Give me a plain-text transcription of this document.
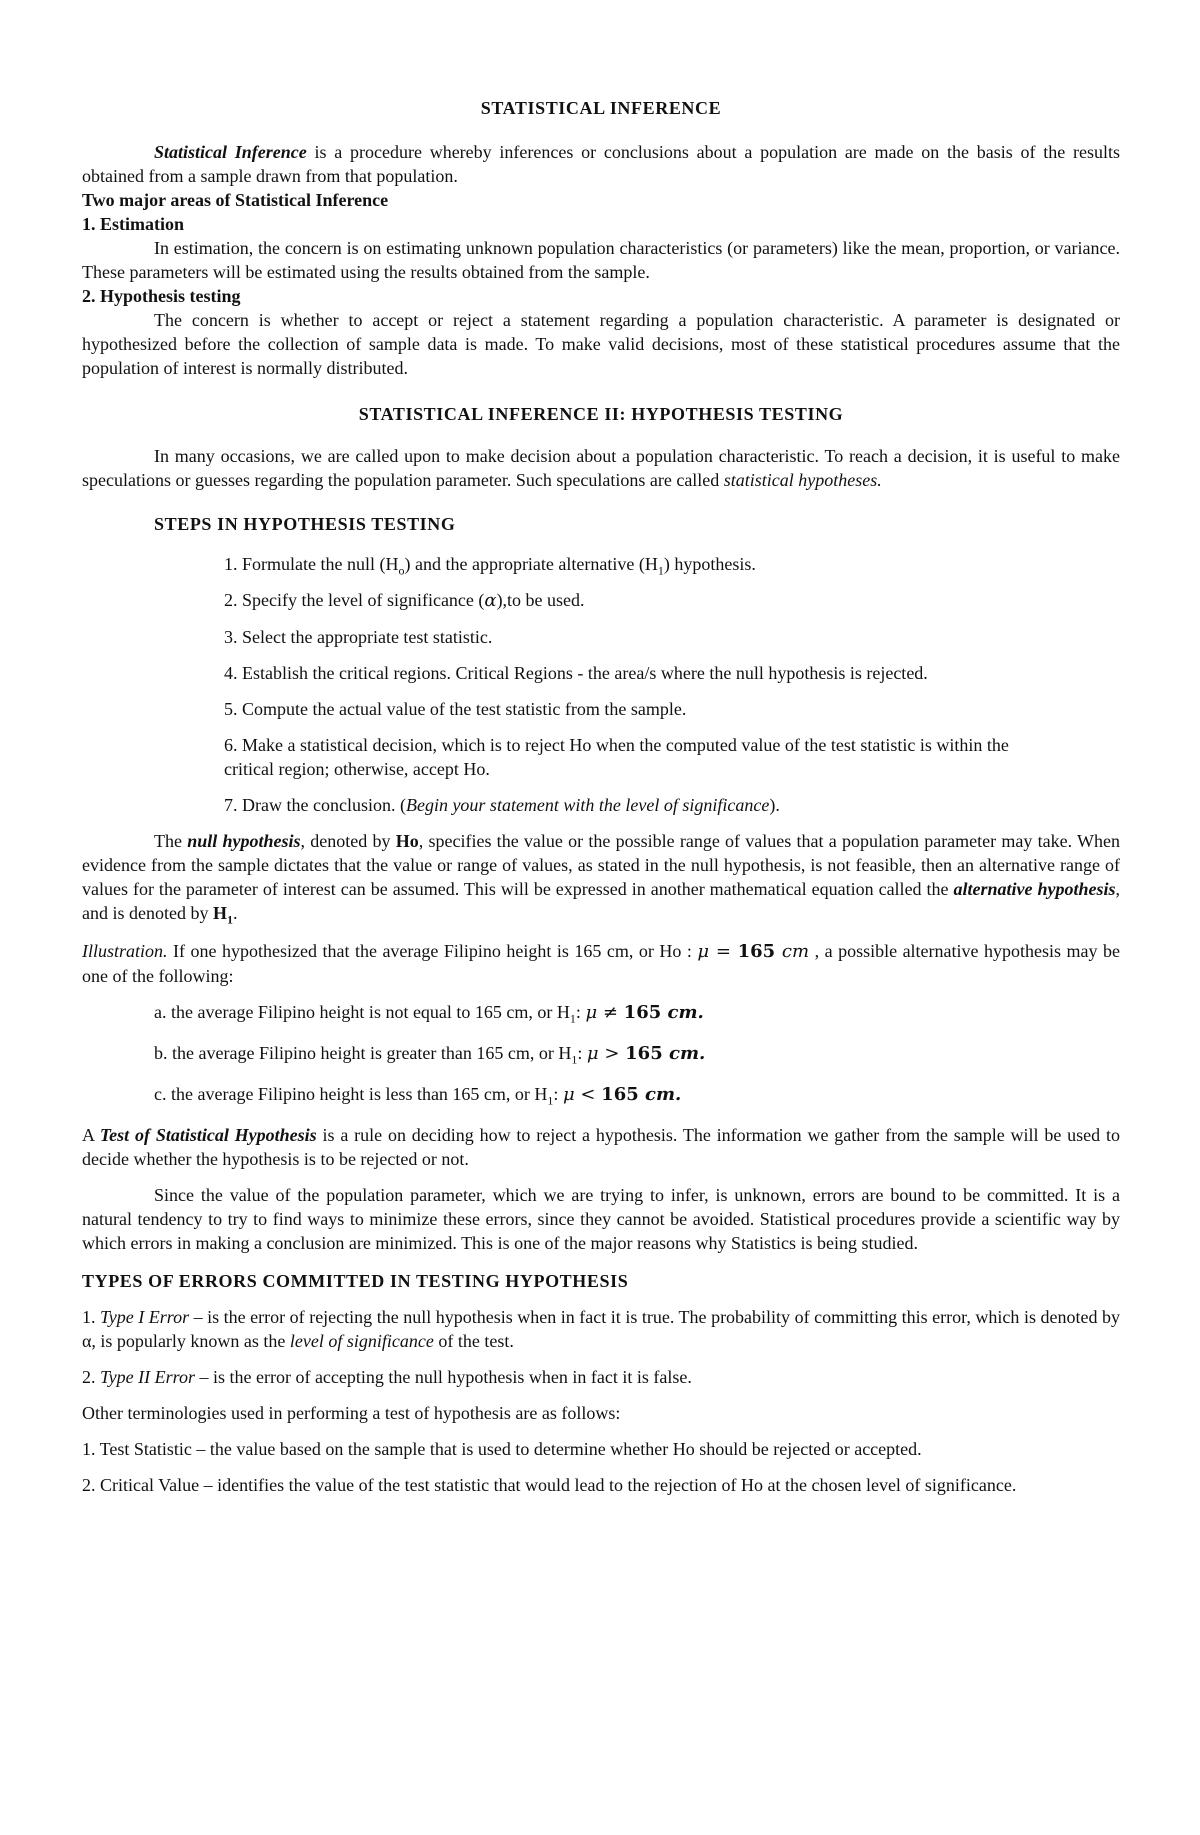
STATISTICAL INFERENCE

Statistical Inference is a procedure whereby inferences or conclusions about a population are made on the basis of the results obtained from a sample drawn from that population.

Two major areas of Statistical Inference

1. Estimation

In estimation, the concern is on estimating unknown population characteristics (or parameters) like the mean, proportion, or variance. These parameters will be estimated using the results obtained from the sample.

2. Hypothesis testing

The concern is whether to accept or reject a statement regarding a population characteristic. A parameter is designated or hypothesized before the collection of sample data is made. To make valid decisions, most of these statistical procedures assume that the population of interest is normally distributed.

STATISTICAL INFERENCE II: HYPOTHESIS TESTING

In many occasions, we are called upon to make decision about a population characteristic. To reach a decision, it is useful to make speculations or guesses regarding the population parameter. Such speculations are called statistical hypotheses.

STEPS IN HYPOTHESIS TESTING

1. Formulate the null $(H_o)$ and the appropriate alternative $(H_1)$ hypothesis.

2. Specify the level of significance (α),to be used.

3. Select the appropriate test statistic.

4. Establish the critical regions. Critical Regions - the area/s where the null hypothesis is rejected.

5. Compute the actual value of the test statistic from the sample.

6. Make a statistical decision, which is to reject Ho when the computed value of the test statistic is within the critical region; otherwise, accept Ho.

7. Draw the conclusion. (Begin your statement with the level of significance).

The null hypothesis, denoted by Ho, specifies the value or the possible range of values that a population parameter may take. When evidence from the sample dictates that the value or range of values, as stated in the null hypothesis, is not feasible, then an alternative range of values for the parameter of interest can be assumed. This will be expressed in another mathematical equation called the alternative hypothesis, and is denoted by $H_1$.

Illustration. If one hypothesized that the average Filipino height is 165 cm, or Ho : μ = 165 cm , a possible alternative hypothesis may be one of the following:

a. the average Filipino height is not equal to 165 cm, or $H_1$: μ ≠ 165 cm.

b. the average Filipino height is greater than 165 cm, or $H_1$: μ > 165 cm.

c. the average Filipino height is less than 165 cm, or $H_1$: μ < 165 cm.

A Test of Statistical Hypothesis is a rule on deciding how to reject a hypothesis. The information we gather from the sample will be used to decide whether the hypothesis is to be rejected or not.

Since the value of the population parameter, which we are trying to infer, is unknown, errors are bound to be committed. It is a natural tendency to try to find ways to minimize these errors, since they cannot be avoided. Statistical procedures provide a scientific way by which errors in making a conclusion are minimized. This is one of the major reasons why Statistics is being studied.

TYPES OF ERRORS COMMITTED IN TESTING HYPOTHESIS

1. Type I Error – is the error of rejecting the null hypothesis when in fact it is true. The probability of committing this error, which is denoted by α, is popularly known as the level of significance of the test.

2. Type II Error – is the error of accepting the null hypothesis when in fact it is false.

Other terminologies used in performing a test of hypothesis are as follows:

1. Test Statistic – the value based on the sample that is used to determine whether Ho should be rejected or accepted.

2. Critical Value – identifies the value of the test statistic that would lead to the rejection of Ho at the chosen level of significance.
